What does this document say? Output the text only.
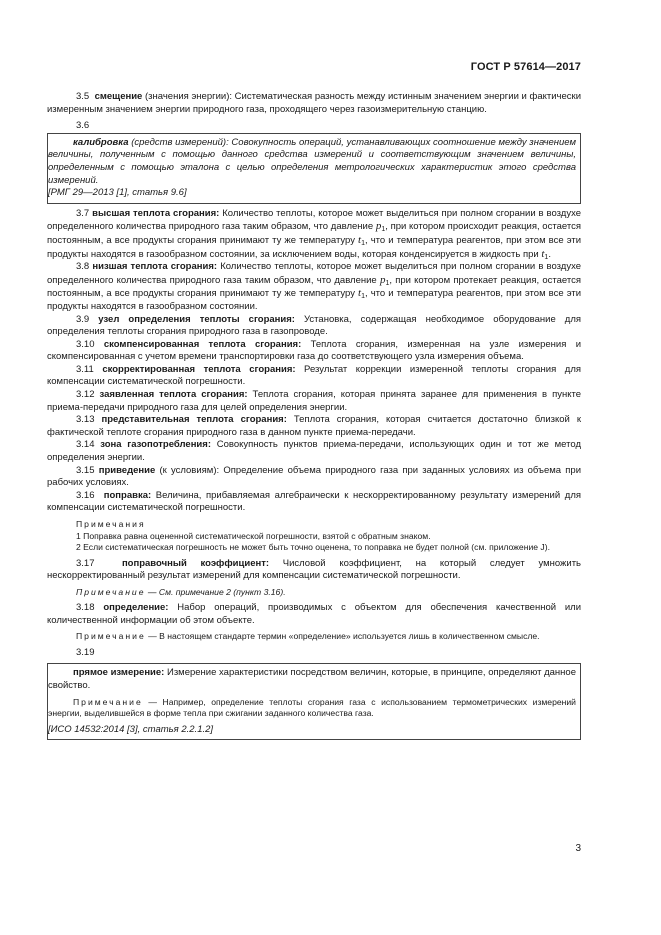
ГОСТ Р 57614—2017

3.5 смещение (значения энергии): Систематическая разность между истинным значением энергии и фактически измеренным значением энергии природного газа, проходящего через газоизмерительную станцию.

3.6

калибровка (средств измерений): Совокупность операций, устанавливающих соотношение между значением величины, полученным с помощью данного средства измерений и соответствующим значением величины, определенным с помощью эталона с целью определения метрологических характеристик этого средства измерений.

[РМГ 29—2013 [1], статья 9.6]

3.7 высшая теплота сгорания: Количество теплоты, которое может выделиться при полном сгорании в воздухе определенного количества природного газа таким образом, что давление $p_1$, при котором происходит реакция, остается постоянным, а все продукты сгорания принимают ту же температуру $t_1$, что и температура реагентов, при этом все эти продукты находятся в газообразном состоянии, за исключением воды, которая конденсируется в жидкость при $t_1$.

3.8 низшая теплота сгорания: Количество теплоты, которое может выделиться при полном сгорании в воздухе определенного количества природного газа таким образом, что давление $p_1$, при котором протекает реакция, остается постоянным, а все продукты сгорания принимают ту же температуру $t_1$, что и температура реагентов, при этом все эти продукты находятся в газообразном состоянии.

3.9 узел определения теплоты сгорания: Установка, содержащая необходимое оборудование для определения теплоты сгорания природного газа в газопроводе.

3.10 скомпенсированная теплота сгорания: Теплота сгорания, измеренная на узле измерения и скомпенсированная с учетом времени транспортировки газа до соответствующего узла измерения объема.

3.11 скорректированная теплота сгорания: Результат коррекции измеренной теплоты сгорания для компенсации систематической погрешности.

3.12 заявленная теплота сгорания: Теплота сгорания, которая принята заранее для применения в пункте приема-передачи природного газа для целей определения энергии.

3.13 представительная теплота сгорания: Теплота сгорания, которая считается достаточно близкой к фактической теплоте сгорания природного газа в данном пункте приема-передачи.

3.14 зона газопотребления: Совокупность пунктов приема-передачи, использующих один и тот же метод определения энергии.

3.15 приведение (к условиям): Определение объема природного газа при заданных условиях из объема при рабочих условиях.

3.16 поправка: Величина, прибавляемая алгебраически к нескорректированному результату измерений для компенсации систематической погрешности.

Примечания

1 Поправка равна оцененной систематической погрешности, взятой с обратным знаком.

2 Если систематическая погрешность не может быть точно оценена, то поправка не будет полной (см. приложение J).

3.17	поправочный коэффициент: Числовой коэффициент, на который следует умножить нескорректированный результат измерений для компенсации систематической погрешности.

Примечание — См. примечание 2 (пункт 3.16).

3.18 определение: Набор операций, производимых с объектом для обеспечения качественной или количественной информации об этом объекте.

Примечание — В настоящем стандарте термин «определение» используется лишь в количественном смысле.

3.19

прямое измерение: Измерение характеристики посредством величин, которые, в принципе, определяют данное свойство.

Примечание — Например, определение теплоты сгорания газа с использованием термометрических измерений энергии, выделившейся в форме тепла при сжигании заданного количества газа.

[ИСО 14532:2014 [3], статья 2.2.1.2]

3
